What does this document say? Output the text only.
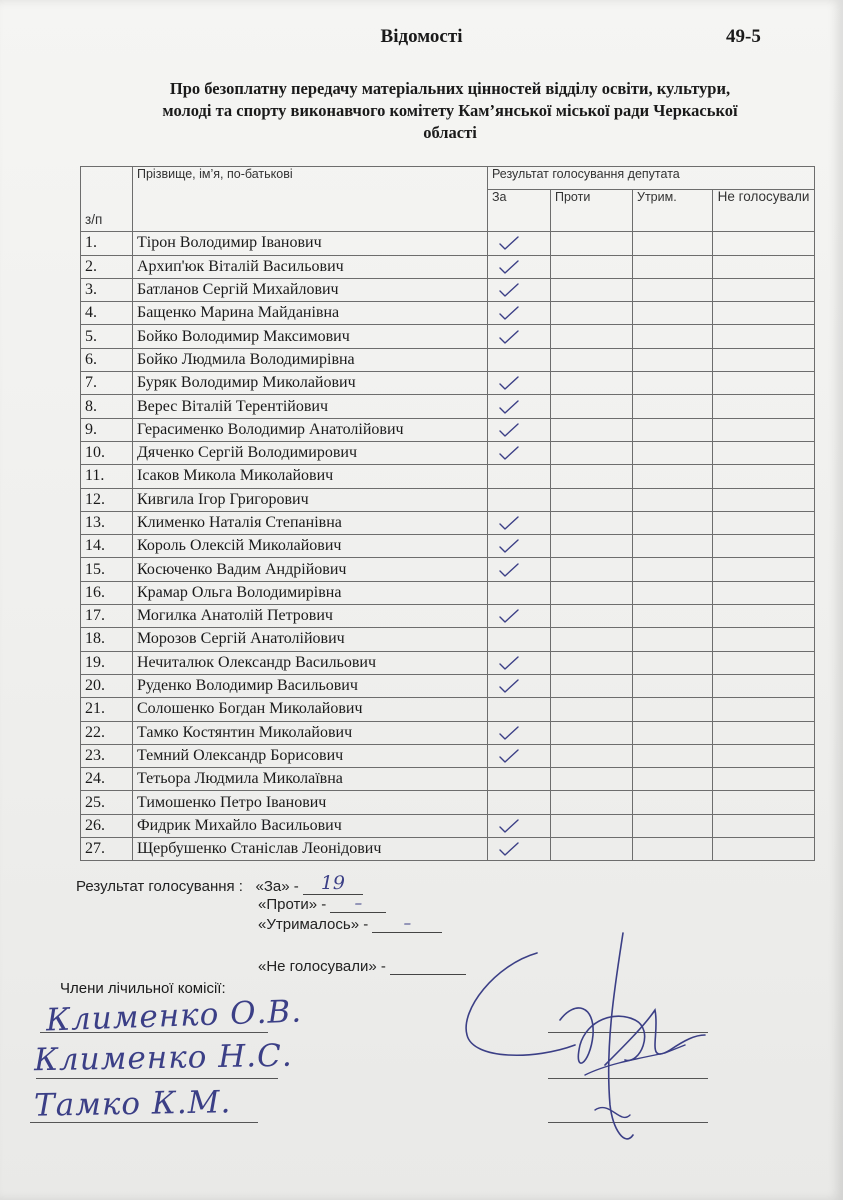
Відомості	49-5
Про безоплатну передачу матеріальних цінностей відділу освіти, культури,
молоді та спорту виконавчого комітету Кам’янської міської ради Черкаської
області
з/п	Прізвище, ім’я, по-батькові	Результат голосування депутата			
		За	Проти	Утрим.	Не голосували
1.	Тірон Володимир Іванович	

2.	Архип'юк Віталій Васильович	

3.	Батланов Сергій Михайлович	

4.	Бащенко Марина Майданівна	

5.	Бойко Володимир Максимович	

6.	Бойко Людмила Володимирівна				
7.	Буряк Володимир Миколайович	

8.	Верес Віталій Терентійович	

9.	Герасименко Володимир Анатолійович	

10.	Дяченко Сергій Володимирович	

11.	Ісаков Микола Миколайович				
12.	Кивгила Ігор Григорович				
13.	Клименко Наталія Степанівна	

14.	Король Олексій Миколайович	

15.	Косюченко Вадим Андрійович	

16.	Крамар Ольга Володимирівна				
17.	Могилка Анатолій Петрович	

18.	Морозов Сергій Анатолійович				
19.	Нечиталюк Олександр Васильович	

20.	Руденко Володимир Васильович	

21.	Солошенко Богдан Миколайович				
22.	Тамко Костянтин Миколайович	

23.	Темний Олександр Борисович	

24.	Тетьора Людмила Миколаївна				
25.	Тимошенко Петро Іванович				
26.	Фидрик Михайло Васильович	

27.	Щербушенко Станіслав Леонідович	

Результат голосування : «За» - 19
«Проти» - –
«Утрималось» - –
«Не голосували» -
Члени лічильної комісії:
Клименко О.В.
Клименко Н.С.
Тамко К.М.
